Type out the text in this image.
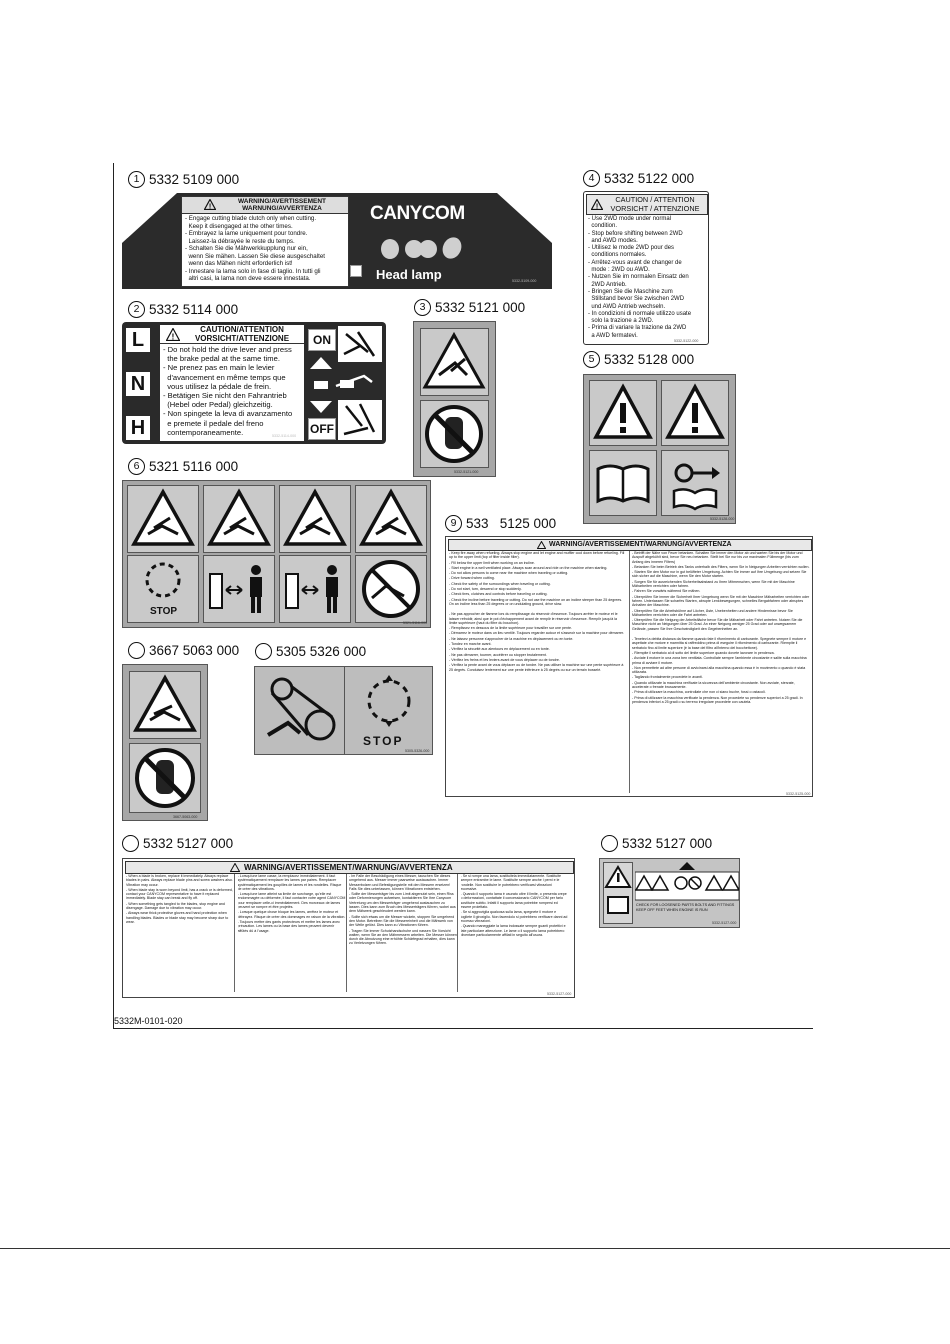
5332M-0101-020
1 5332 5109 000
2 5332 5114 000	3 5332 5121 000
4 5332 5122 000
5 5332 5128 000
6 5321 5116 000
9 533   5125 000
3667 5063 000	5305 5326 000
5332 5127 000	5332 5127 000
!
WARNING/AVERTISSEMENT
WARNUNG/AVVERTENZA
- Engage cutting blade clutch only when cutting.
Keep it disengaged at the other times.
- Embrayez la lame uniquement pour tondre.
Laissez-la débrayée le reste du temps.
- Schalten Sie die Mähwerkkupplung nur ein,
wenn Sie mähen. Lassen Sie diese ausgeschaltet
wenn das Mähen nicht erforderlich ist!
- Innestare la lama solo in fase di taglio. In tutti gli
altri casi, la lama non deve essere innestata.
CANYCOM
Head lamp	5332-5109-000
L
N
H
!
CAUTION/ATTENTION
VORSICHT/ATTENZIONE
- Do not hold the drive lever and press
the brake pedal at the same time.
- Ne prenez pas en main le levier
d'avancement en même temps que
vous utilisez la pédale de frein.
- Betätigen Sie nicht den Fahrantrieb
(Hebel oder Pedal) gleichzeitig.
- Non spingete la leva di avanzamento
e premete il pedale del freno
contemporaneamente.
ON
OFF
5332-5114-000
5332-5121-000
!
CAUTION / ATTENTION
VORSICHT / ATTENZIONE
- Use 2WD mode under normal
condition.
- Stop before shifting between 2WD
and AWD modes.
- Utilisez le mode 2WD pour des
conditions normales.
- Arrêtez-vous avant de changer de
mode : 2WD ou AWD.
- Nutzen Sie im normalen Einsatz den
2WD Antrieb.
- Bringen Sie die Maschine zum
Stillstand bevor Sie zwischen 2WD
und AWD Antrieb wechseln.
- In condizioni di normale utilizzo usate
solo la trazione a 2WD.
- Prima di variare la trazione da 2WD
a AWD fermatevi.
5332-5122-000
5332-5128-000
STOP
5321-5116-000
3667-5063-000
STOP
5305-5326-000
WARNING/AVERTISSEMENT/WARNUNG/AVVERTENZA

- Keep fire away when refueling. Always stop engine and let engine and muffler cool down before refueling. Fill up to the upper limit (top of filter inside filler).

- Fill below the upper limit when working on an incline.

- Start engine in a well ventilated place. Always scan around and ride on the machine when starting.

- Do not allow persons to come near the machine when traveling or cutting.

- Drive forward when cutting.

- Check the safety of the surroundings when traveling or cutting.

- Do not start, turn, descend or stop suddenly.

- Check tires, clutches and controls before traveling or cutting.

- Check the incline before traveling or cutting. Do not use the machine on an incline steeper than 25 degrees. On an incline less than 25 degrees or on undulating ground, drive slow.

- Ne pas approcher de flamme lors du remplissage du réservoir d'essence. Toujours arrêter le moteur et le laisser refroidir, ainsi que le pot d'échappement avant de remplir le réservoir d'essence. Remplir jusqu'à la limite supérieure (haut du filtre du bouchon).

- Remplissez en dessous de la limite supérieure pour travailler sur une pente.

- Démarrez le moteur dans un lieu ventilé. Toujours regarder autour et s'asseoir sur la machine pour démarrer.

- Ne laissez personne s'approcher de la machine en déplacement ou en tonte.

- Tondez en marche avant.

- Vérifiez la sécurité aux alentours en déplacement ou en tonte.

- Ne pas démarrer, tourner, accélérer ou stopper brutalement.

- Vérifiez les freins et les leviers avant de vous déplacer ou de tondre.

- Vérifiez la pente avant de vous déplacer ou de tondre. Ne pas utiliser la machine sur une pente supérieure à 25 degrés. Conduisez lentement sur une pente inférieure à 25 degrés ou sur un terrain bosselé.

- Betrifft der Nähe von Feuer betanken. Schalten Sie immer den Motor ab und warten Sie bis der Motor und Auspuff abgekühlt sind, bevor Sie neu betanken. Stellt bei Sie nur bis zur maximalen Füllmenge (bis zum Anfang des inneren Filters)

- Betanken Sie beim Betrieb des Tanks unterhalb des Filters, wenn Sie in Neigungen Arbeiten verrichten wollen.

- Starten Sie den Motor nur in gut belüfteter Umgebung. Achten Sie immer auf Ihre Umgebung und setzen Sie sich sicher auf die Maschine, wenn Sie den Motor starten.

- Sorgen Sie für ausreichenden Sicherheitsabstand zu Ihren Mitmenschen, wenn Sie mit der Maschine Mäharbeiten verrichten oder fahren.

- Fahren Sie vorwärts während Sie mähen.

- Überprüfen Sie immer die Sicherheit Ihrer Umgebung wenn Sie mit der Maschine Mäharbeiten verrichten oder fahren. Unterlassen Sie scharfes Starten, abrupte Lenkbewegungen, schnelles Bergabfahren oder abruptes Anhalten der Maschine.

- Überprüfen Sie die Arbeitsbühne auf Löcher, Äste, Unebenheiten und andere Hindernisse bevor Sie Mäharbeiten verrichten oder die Fahrt antreten.

- Überprüfen Sie die Neigung der Arbeitsfläche bevor Sie die Mäharbeit oder Fahrt antreten. Nutzen Sie die Maschine nicht an Neigungen über 25 Grad. An einer Neigung weniger 25 Grad oder auf unwegsamem Gelände, passen Sie Ihre Geschwindigkeit den Gegebenheiten an.

- Tenetevi a debita distanza da fiamme quando fate il rifornimento di carburante. Spegnete sempre il motore e aspettate che motore e marmitta si raffreddino prima di eseguire il rifornimento di carburante. Riempite il serbatoio fino al limite superiore (è la base del filtro all'interno del bocchettone).

- Riempite il serbatoio al di sotto del limite superiore quando dovete lavorare in pendenza.

- Avviate il motore in una zona ben ventilata. Controllate sempre l'ambiente circostante e salite sulla macchina prima di avviare il motore.

- Non permettete ad altre persone di avvicinarsi alla macchina quando essa è in movimento o quando è stata utilizzata.

- Tagliando frontalmente procedete in avanti.

- Quando utilizzate la macchina verificate la sicurezza dell'ambiente circostante. Non avviate, sterzate, accelerate o frenate bruscamente.

- Prima di utilizzare la macchina, controllate che non ci siano buche, fossi o ostacoli.

- Prima di utilizzare la macchina verificate la pendenza. Non procedete su pendenze superiori a 25 gradi. In pendenza inferiori a 25 gradi o su terreno irregolare procedete con cautela.

5332-5125-000
WARNING/AVERTISSEMENT/WARNUNG/AVVERTENZA

- When a blade is broken, replace it immediately. Always replace blades in pairs. Always replace blade pins and screw washers also. Vibration may occur.

- When blade stay is worn beyond limit, has a crack or is deformed, contact your CANYCOM representative to have it replaced immediately. Blade stay can break and fly off.

- When something gets tangled to the blades, stop engine and disengage. Damage due to vibration may occur.

- Always wear thick protective gloves and hand protection when handling blades. Blades or blade stay may become sharp due to wear.

- Lorsqu'une lame casse, la remplacez immédiatement. Il faut systématiquement remplacer les lames par paires. Remplacer systématiquement les goupilles de lames et les rondelles. Risque de créer des vibrations.

- Lorsqu'une lame atteint sa limite de surcharge, qu'elle est endommagée ou déformée, il faut contacter votre agent CANYCOM pour remplacer celle-ci immédiatement. Des morceaux de lames peuvent se rompre et être projetés.

- Lorsque quelque chose bloque les lames, arrêtez le moteur et débrayez. Risque de créer des dommages en raison de la vibration.

- Toujours mettre des gants protecteurs et mettre les lames avec précaution. Les lames ou la base des lames peuvent devenir affûtés dû à l'usage.

- Im Falle der Beschädigung eines Messer, tauschen Sie dieses umgehend aus. Messer immer paarweise austauschen. Immer Messerbolzen und Befestigungsteile mit den Messern ersetzen! Falls Sie dies unterlassen, können Vibrationen entstehen.

- Sollte der Messerträger bis zum Limit abgenutzt sein, einen Riss oder Deformierungen aufweisen, kontaktieren Sie Ihre Canycom Vertretung um den Messerträger umgehend austauschen zu lassen. Dies kann zum Bruch des Messerträgers führen, wobei aus dem Mähwerk geschleudert werden kann.

- Sollte sich etwas um die Messer wickeln, stoppen Sie umgehend den Motor. Betreiben Sie die Messereinheit und die Mähwerk von der Welle gelöst. Dies kann zu Vibrationen führen.

- Tragen Sie immer Schutzhandschuhe und nassen Sie Vorsicht walten, wenn Sie an den Mähmessern arbeiten. Die Messer können durch die Abnutzung eine erhöhte Schärfegrad erhalten, dies kann zu Verletzungen führen.

- Se si rompe una lama, sostituitela immediatamente. Sostituite sempre entrambe le lame. Sostituite sempre anche i perni e le rondelle. Non sostituire le potrebbero verificarsi vibrazioni eccessive.

- Quando il supporto lama è usurato oltre il limite, o presenta crepe o deformazioni, contattate il concessionario CANYCOM per farlo sostituire subito. Infatti il supporto lama potrebbe rompersi ed essere proiettato.

- Se si aggroviglia qualcosa sulla lama, spegnete il motore e togliete il giroxiglio. Non facendolo si potrebbero verificare danni ad eccesso vibrazioni.

- Quando maneggiate la lama indossate sempre guanti protettivi e fate particolare attenzione. Le lame o il supporto lama potrebbero diventare particolarmente affilati in seguito all'usura.

5332-5127-000
CHECK FOR LOOSENED PARTS BOLTS AND FITTINGS
KEEP OFF FEET WHEN ENGINE IS RUN
5332-5127-000
